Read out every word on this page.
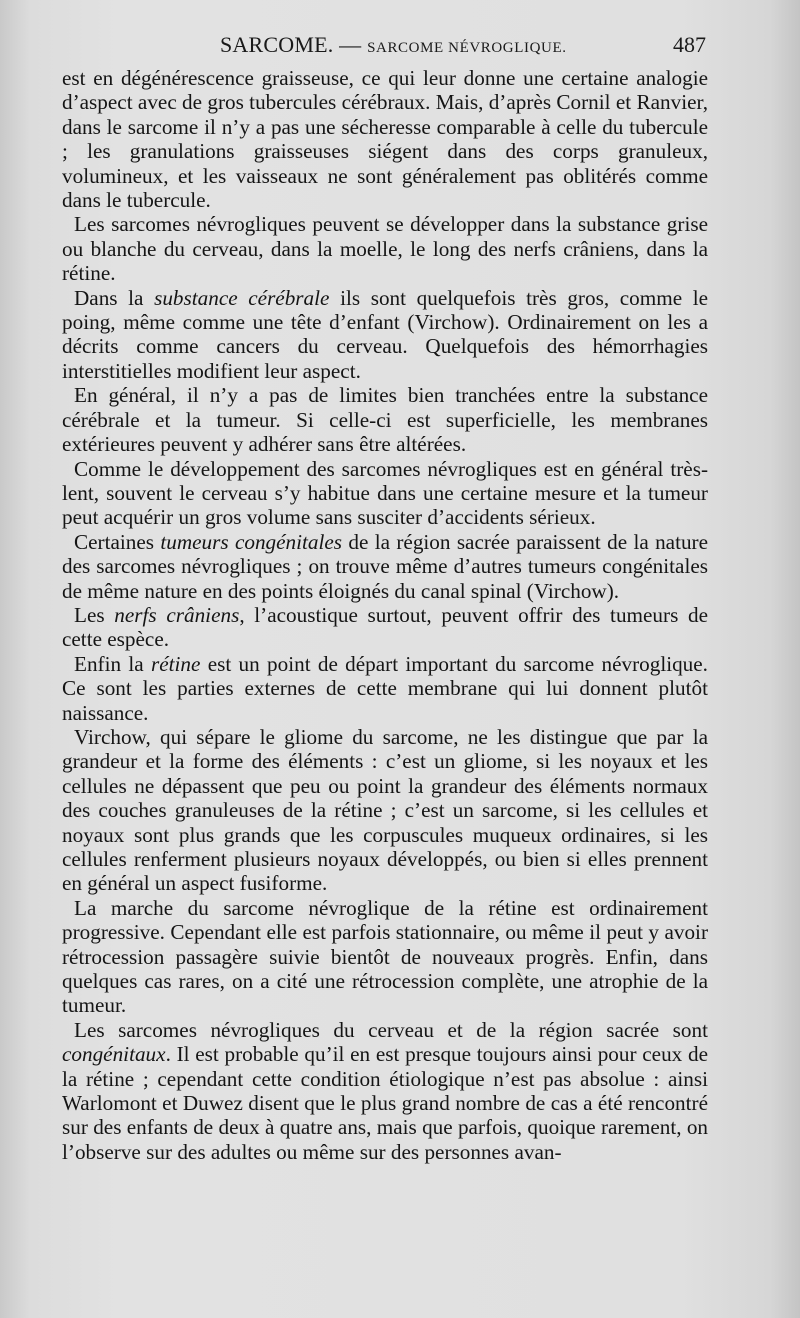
SARCOME. — SARCOME NÉVROGLIQUE.	487

est en dégénérescence graisseuse, ce qui leur donne une certaine analogie d’aspect avec de gros tubercules cérébraux. Mais, d’après Cornil et Ranvier, dans le sarcome il n’y a pas une sécheresse comparable à celle du tubercule ; les granulations graisseuses siégent dans des corps granuleux, volumineux, et les vaisseaux ne sont généralement pas oblitérés comme dans le tubercule.

Les sarcomes névrogliques peuvent se développer dans la substance grise ou blanche du cerveau, dans la moelle, le long des nerfs crâniens, dans la rétine.

Dans la substance cérébrale ils sont quelquefois très gros, comme le poing, même comme une tête d’enfant (Virchow). Ordinairement on les a décrits comme cancers du cerveau. Quelquefois des hémorrhagies interstitielles modifient leur aspect.

En général, il n’y a pas de limites bien tranchées entre la substance cérébrale et la tumeur. Si celle-ci est superficielle, les membranes extérieures peuvent y adhérer sans être altérées.

Comme le développement des sarcomes névrogliques est en général très-lent, souvent le cerveau s’y habitue dans une certaine mesure et la tumeur peut acquérir un gros volume sans susciter d’accidents sérieux.

Certaines tumeurs congénitales de la région sacrée paraissent de la nature des sarcomes névrogliques ; on trouve même d’autres tumeurs congénitales de même nature en des points éloignés du canal spinal (Virchow).

Les nerfs crâniens, l’acoustique surtout, peuvent offrir des tumeurs de cette espèce.

Enfin la rétine est un point de départ important du sarcome névroglique. Ce sont les parties externes de cette membrane qui lui donnent plutôt naissance.

Virchow, qui sépare le gliome du sarcome, ne les distingue que par la grandeur et la forme des éléments : c’est un gliome, si les noyaux et les cellules ne dépassent que peu ou point la grandeur des éléments normaux des couches granuleuses de la rétine ; c’est un sarcome, si les cellules et noyaux sont plus grands que les corpuscules muqueux ordinaires, si les cellules renferment plusieurs noyaux développés, ou bien si elles prennent en général un aspect fusiforme.

La marche du sarcome névroglique de la rétine est ordinairement progressive. Cependant elle est parfois stationnaire, ou même il peut y avoir rétrocession passagère suivie bientôt de nouveaux progrès. Enfin, dans quelques cas rares, on a cité une rétrocession complète, une atrophie de la tumeur.

Les sarcomes névrogliques du cerveau et de la région sacrée sont congénitaux. Il est probable qu’il en est presque toujours ainsi pour ceux de la rétine ; cependant cette condition étiologique n’est pas absolue : ainsi Warlomont et Duwez disent que le plus grand nombre de cas a été rencontré sur des enfants de deux à quatre ans, mais que parfois, quoique rarement, on l’observe sur des adultes ou même sur des personnes avan-
